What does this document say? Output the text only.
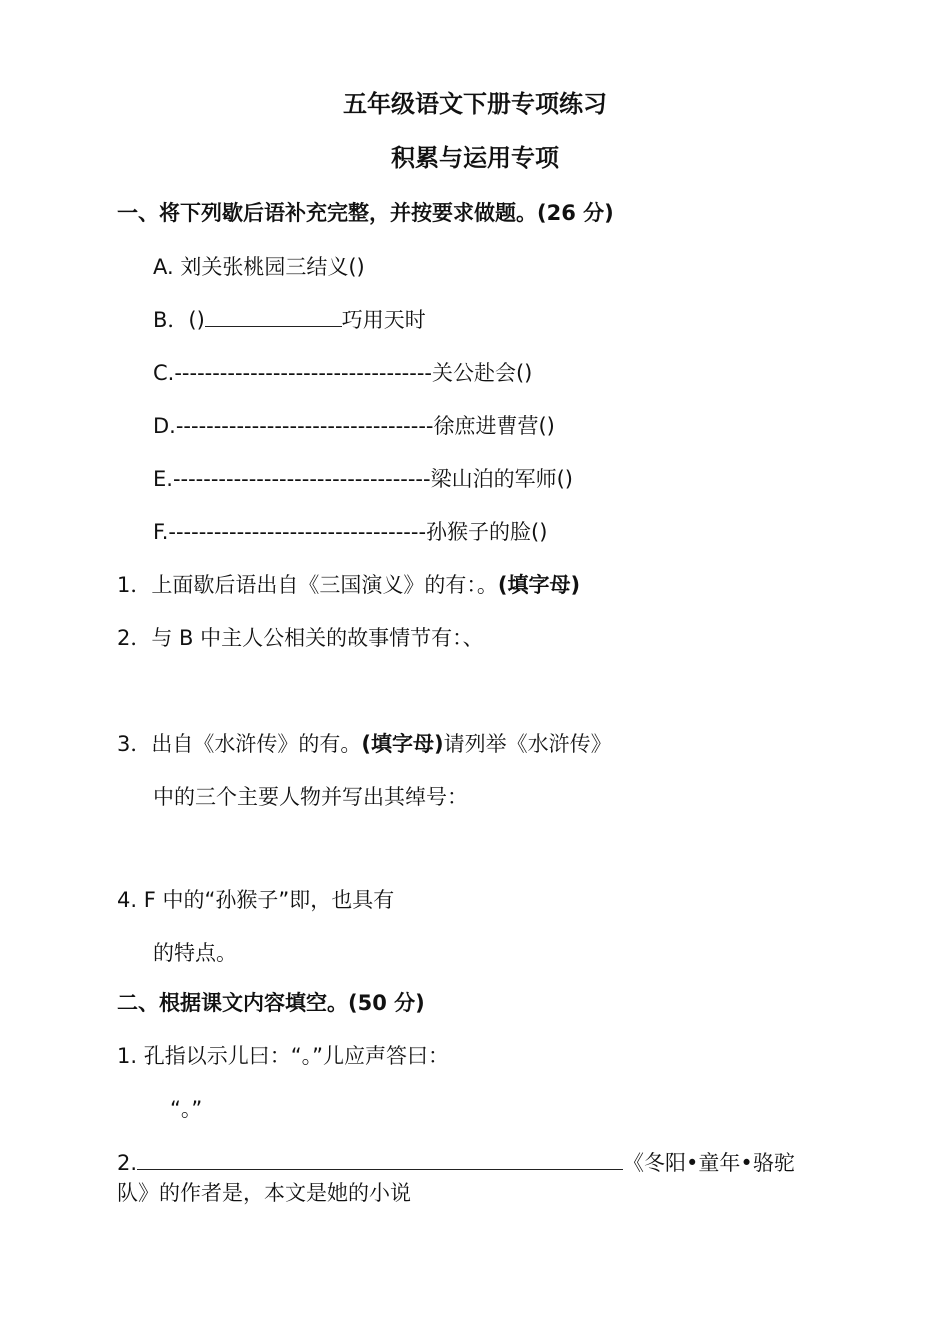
五年级语文下册专项练习
积累与运用专项
一、将下列歇后语补充完整，并按要求做题。(26 分)
A. 刘关张桃园三结义()
B．()	巧用天时
C.----------------------------------关公赴会()
D.----------------------------------徐庶进曹营()
E.----------------------------------梁山泊的军师()
F.----------------------------------孙猴子的脸()
1．上面歇后语出自《三国演义》的有：。(填字母)
2．与 B 中主人公相关的故事情节有：、
3．出自《水浒传》的有。(填字母)请列举《水浒传》
中的三个主要人物并写出其绰号：
4. F 中的“孙猴子”即，也具有
的特点。
二、根据课文内容填空。(50 分)
1. 孔指以示儿曰：“。”儿应声答曰：
“。”
2.	《冬阳•童年•骆驼
队》的作者是，本文是她的小说
